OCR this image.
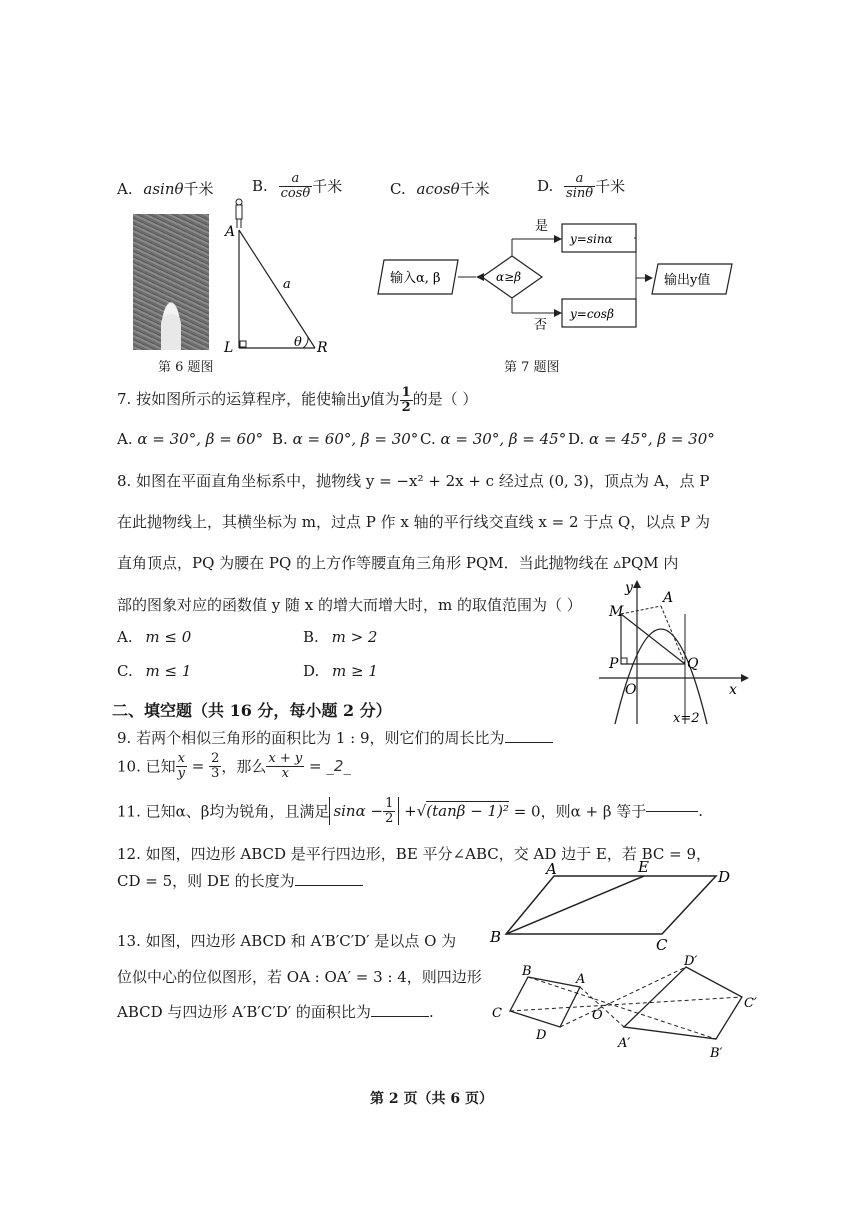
A. asinθ千米	B. $\frac{a}{\cos\theta}$ 千米	C. acosθ千米	D. $\frac{a}{\sin\theta}$ 千米
A
a
L	R
θ
第 6 题图
输入α, β	α≥β
是
y=sinα
否
y=cosβ
输出y值
第 7 题图
7. 按如图所示的运算程序，能使输出y值为 $\frac{1}{2}$ 的是（ ）
A. α = 30°, β = 60° B. α = 60°, β = 30° C. α = 30°, β = 45° D. α = 45°, β = 30°
8. 如图在平面直角坐标系中，抛物线 y = −x² + 2x + c 经过点 (0, 3)，顶点为 A，点 P
在此抛物线上，其横坐标为 m，过点 P 作 x 轴的平行线交直线 x = 2 于点 Q，以点 P 为
直角顶点，PQ 为腰在 PQ 的上方作等腰直角三角形 PQM．当此抛物线在 ▵PQM 内
部的图象对应的函数值 y 随 x 的增大而增大时，m 的取值范围为（ ）
A. m ≤ 0	B. m > 2
C. m ≤ 1	D. m ≥ 1
y
x
A
M
P	Q
O
x=2
二、填空题（共 16 分，每小题 2 分）
9. 若两个相似三角形的面积比为 1 : 9，则它们的周长比为
10. 已知 $\frac{x}{y} = \frac{2}{3}$ ，那么 $\frac{x + y}{x}$ = _2_
11. 已知α、β均为锐角，且满足 $\sin\alpha - \frac{1}{2} +√(\tan\beta - 1)^2 = 0$，则α + β 等于	.
12. 如图，四边形 ABCD 是平行四边形，BE 平分∠ABC，交 AD 边于 E，若 BC = 9，
CD = 5，则 DE 的长度为
A	E
D
B	C
13. 如图，四边形 ABCD 和 A′B′C′D′ 是以点 O 为
位似中心的位似图形，若 OA : OA′ = 3 : 4，则四边形
ABCD 与四边形 A′B′C′D′ 的面积比为	.
B
A
C
D
O
D′
C′
A′
B′
第 2 页（共 6 页）
